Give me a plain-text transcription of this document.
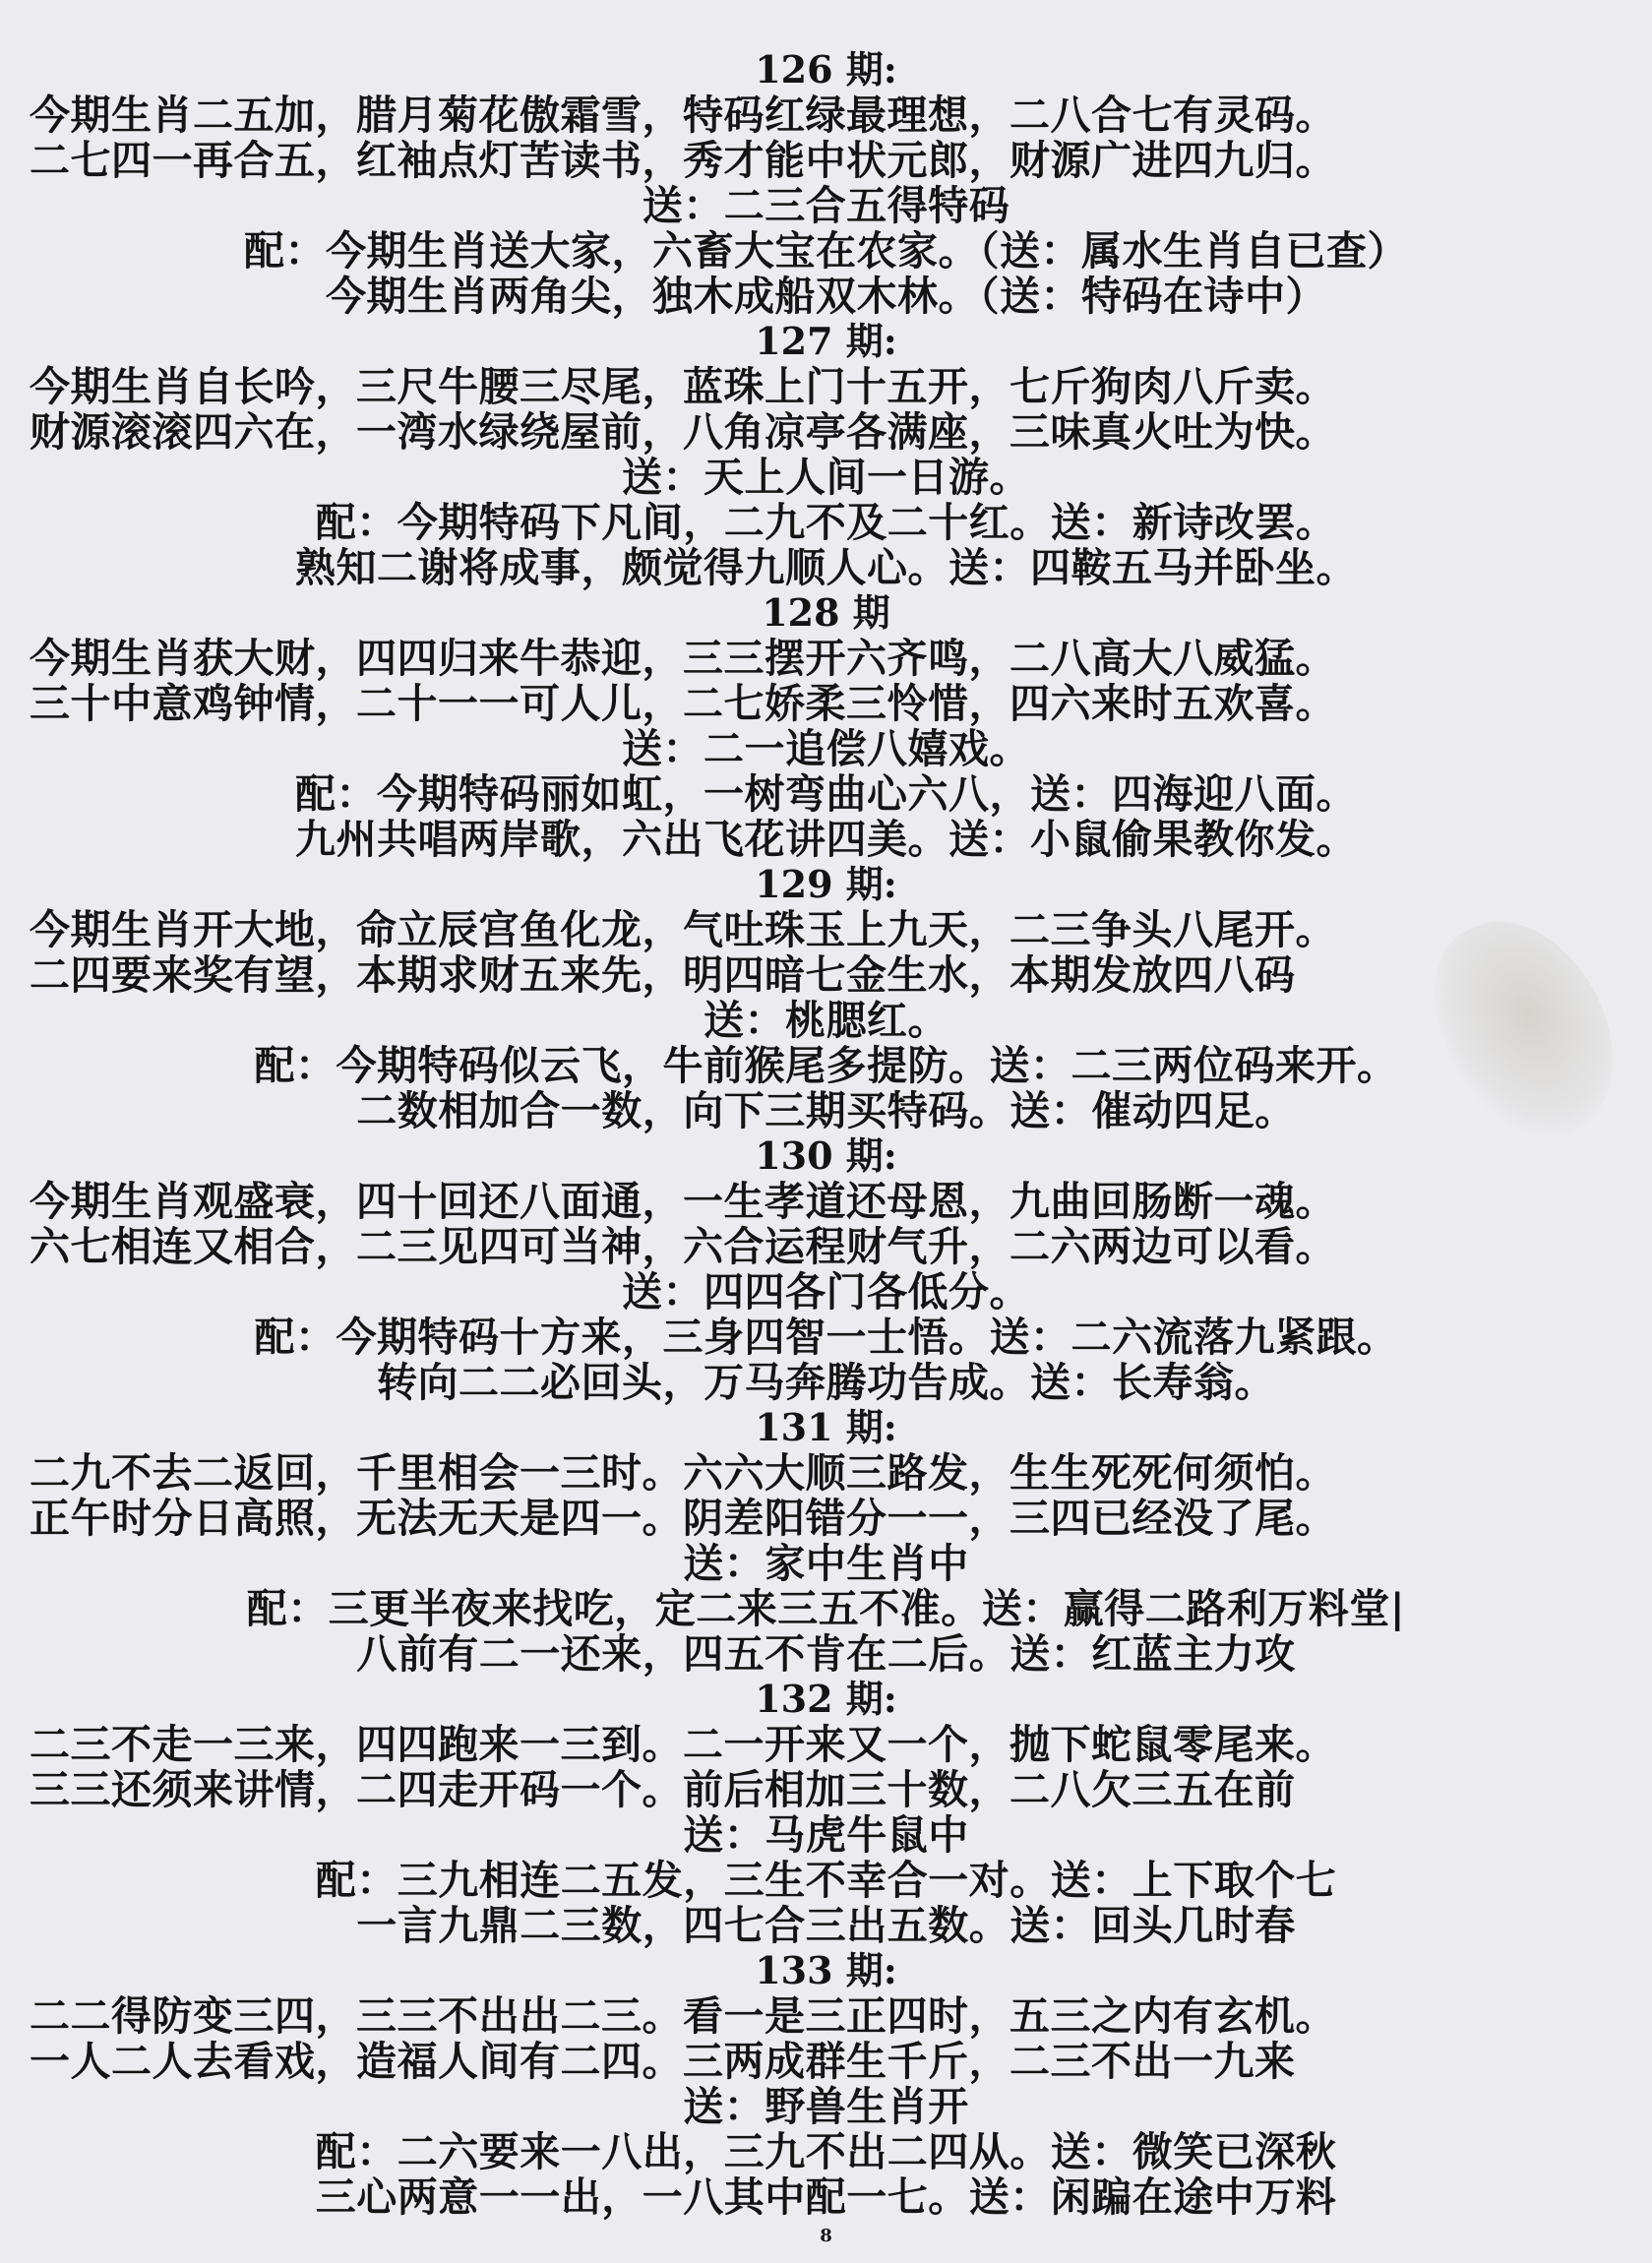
126 期:
今期生肖二五加，腊月菊花傲霜雪，特码红绿最理想，二八合七有灵码。
二七四一再合五，红袖点灯苦读书，秀才能中状元郎，财源广进四九归。
送：二三合五得特码
配：今期生肖送大家，六畜大宝在农家。（送：属水生肖自已查）
今期生肖两角尖，独木成船双木林。（送：特码在诗中）
127 期:
今期生肖自长吟，三尺牛腰三尽尾，蓝珠上门十五开，七斤狗肉八斤卖。
财源滚滚四六在，一湾水绿绕屋前，八角凉亭各满座，三味真火吐为快。
送：天上人间一日游。
配：今期特码下凡间，二九不及二十红。送：新诗改罢。
熟知二谢将成事，颇觉得九顺人心。送：四鞍五马并卧坐。
128 期
今期生肖获大财，四四归来牛恭迎，三三摆开六齐鸣，二八高大八威猛。
三十中意鸡钟情，二十一一可人儿，二七娇柔三怜惜，四六来时五欢喜。
送：二一追偿八嬉戏。
配：今期特码丽如虹，一树弯曲心六八，送：四海迎八面。
九州共唱两岸歌，六出飞花讲四美。送：小鼠偷果教你发。
129 期:
今期生肖开大地，命立辰宫鱼化龙，气吐珠玉上九天，二三争头八尾开。
二四要来奖有望，本期求财五来先，明四暗七金生水，本期发放四八码
送：桃腮红。
配：今期特码似云飞，牛前猴尾多提防。送：二三两位码来开。
二数相加合一数，向下三期买特码。送：催动四足。
130 期:
今期生肖观盛衰，四十回还八面通，一生孝道还母恩，九曲回肠断一魂。
六七相连又相合，二三见四可当神，六合运程财气升，二六两边可以看。
送：四四各门各低分。
配：今期特码十方来，三身四智一士悟。送：二六流落九紧跟。
转向二二必回头，万马奔腾功告成。送：长寿翁。
131 期:
二九不去二返回，千里相会一三时。六六大顺三路发，生生死死何须怕。
正午时分日高照，无法无天是四一。阴差阳错分一一，三四已经没了尾。
送：家中生肖中
配：三更半夜来找吃，定二来三五不准。送：赢得二路利万料堂|
八前有二一还来，四五不肯在二后。送：红蓝主力攻
132 期:
二三不走一三来，四四跑来一三到。二一开来又一个，抛下蛇鼠零尾来。
三三还须来讲情，二四走开码一个。前后相加三十数，二八欠三五在前
送：马虎牛鼠中
配：三九相连二五发，三生不幸合一对。送：上下取个七
一言九鼎二三数，四七合三出五数。送：回头几时春
133 期:
二二得防变三四，三三不出出二三。看一是三正四时，五三之内有玄机。
一人二人去看戏，造福人间有二四。三两成群生千斤，二三不出一九来
送：野兽生肖开
配：二六要来一八出，三九不出二四从。送：微笑已深秋
三心两意一一出，一八其中配一七。送：闲蹁在途中万料
8
